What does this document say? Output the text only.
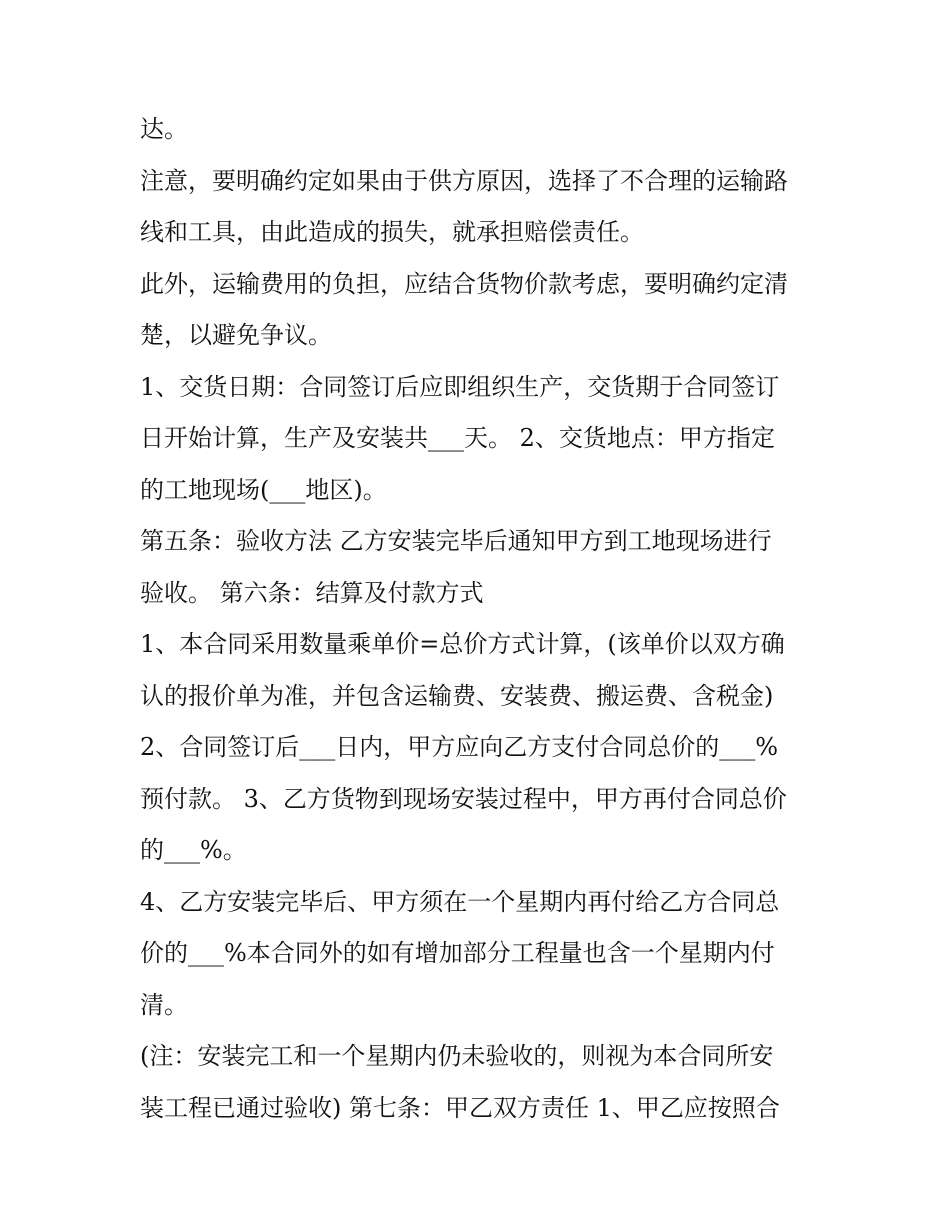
达。
注意，要明确约定如果由于供方原因，选择了不合理的运输路
线和工具，由此造成的损失，就承担赔偿责任。
此外，运输费用的负担，应结合货物价款考虑，要明确约定清
楚，以避免争议。
1、交货日期：合同签订后应即组织生产，交货期于合同签订
日开始计算，生产及安装共___天。 2、交货地点：甲方指定
的工地现场(___地区)。
第五条：验收方法 乙方安装完毕后通知甲方到工地现场进行
验收。 第六条：结算及付款方式
1、本合同采用数量乘单价=总价方式计算，(该单价以双方确
认的报价单为准，并包含运输费、安装费、搬运费、含税金)
2、合同签订后___日内，甲方应向乙方支付合同总价的___%
预付款。 3、乙方货物到现场安装过程中，甲方再付合同总价
的___%。
4、乙方安装完毕后、甲方须在一个星期内再付给乙方合同总
价的___%本合同外的如有增加部分工程量也含一个星期内付
清。
(注：安装完工和一个星期内仍未验收的，则视为本合同所安
装工程已通过验收) 第七条：甲乙双方责任 1、甲乙应按照合
